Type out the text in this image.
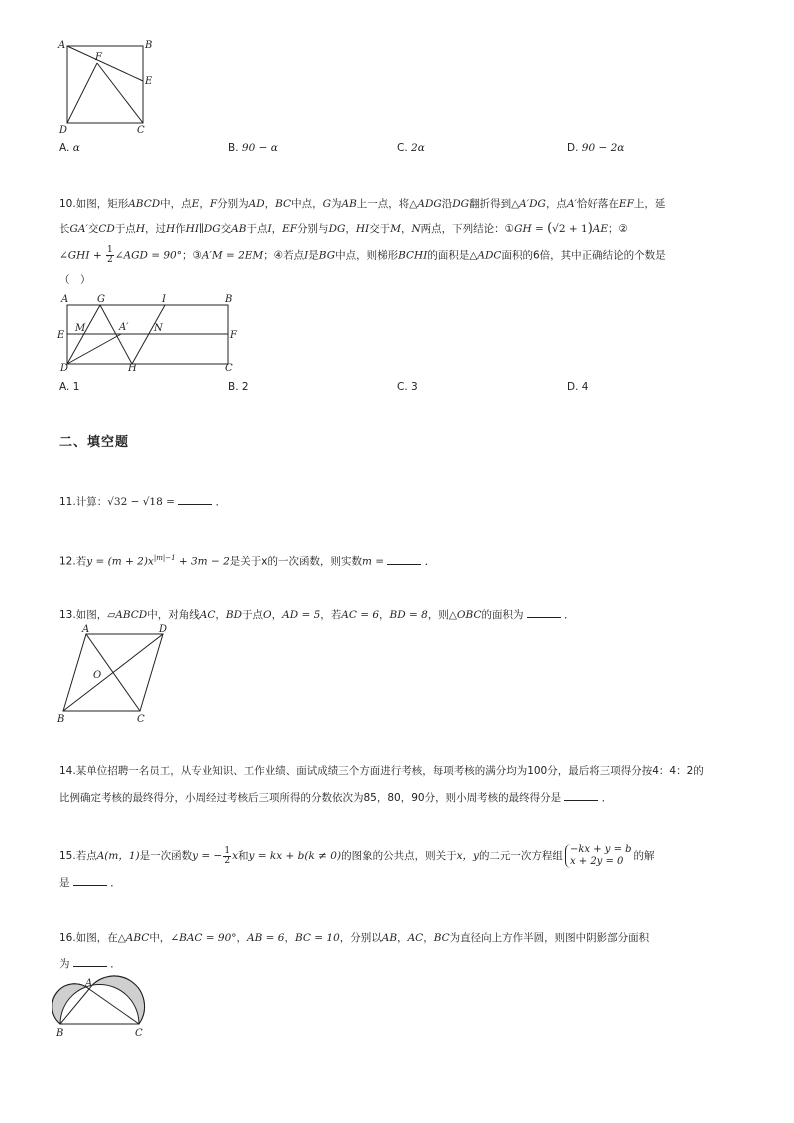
A	B
F
E
D	C
A. α	B. 90 − α	C. 2α	D. 90 − 2α
10.如图，矩形ABCD中，点E，F分别为AD，BC中点，G为AB上一点，将△ADG沿DG翻折得到△A′DG，点A′恰好落在EF上，延
长GA′交CD于点H，过H作HI∥DG交AB于点I，EF分别与DG，HI交于M，N两点，下列结论：①GH = (√2 + 1)AE；②
∠GHI + $\frac{1}{2}$ ∠AGD = 90°；③A′M = 2EM；④若点I是BG中点，则梯形BCHI的面积是△ADC面积的6倍，其中正确结论的个数是
（　）
A	G	I	B
E
M	A′	N
F
D	H	C
A. 1	B. 2	C. 3	D. 4
二、填空题
11.计算：√32 − √18 =	．
12.若$y = (m + 2)x^{|m|-1} + 3m - 2$是关于x的一次函数，则实数m =	．
13.如图，▱ABCD中，对角线AC，BD于点O，AD = 5，若AC = 6，BD = 8，则△OBC的面积为	．
A	D
O
B	C
14.某单位招聘一名员工，从专业知识、工作业绩、面试成绩三个方面进行考核，每项考核的满分均为100分，最后将三项得分按4：4：2的
比例确定考核的最终得分，小周经过考核后三项所得的分数依次为85，80，90分，则小周考核的最终得分是	．
15.若点A(m，1)是一次函数y = − $\frac{1}{2}$ x和y = kx + b(k ≠ 0)的图象的公共点，则关于x，y的二元一次方程组
−kx + y = b
x + 2y = 0 的解
是	．
16.如图，在△ABC中，∠BAC = 90°，AB = 6，BC = 10，分别以AB，AC，BC为直径向上方作半圆，则图中阴影部分面积
为	．
A
B	C
